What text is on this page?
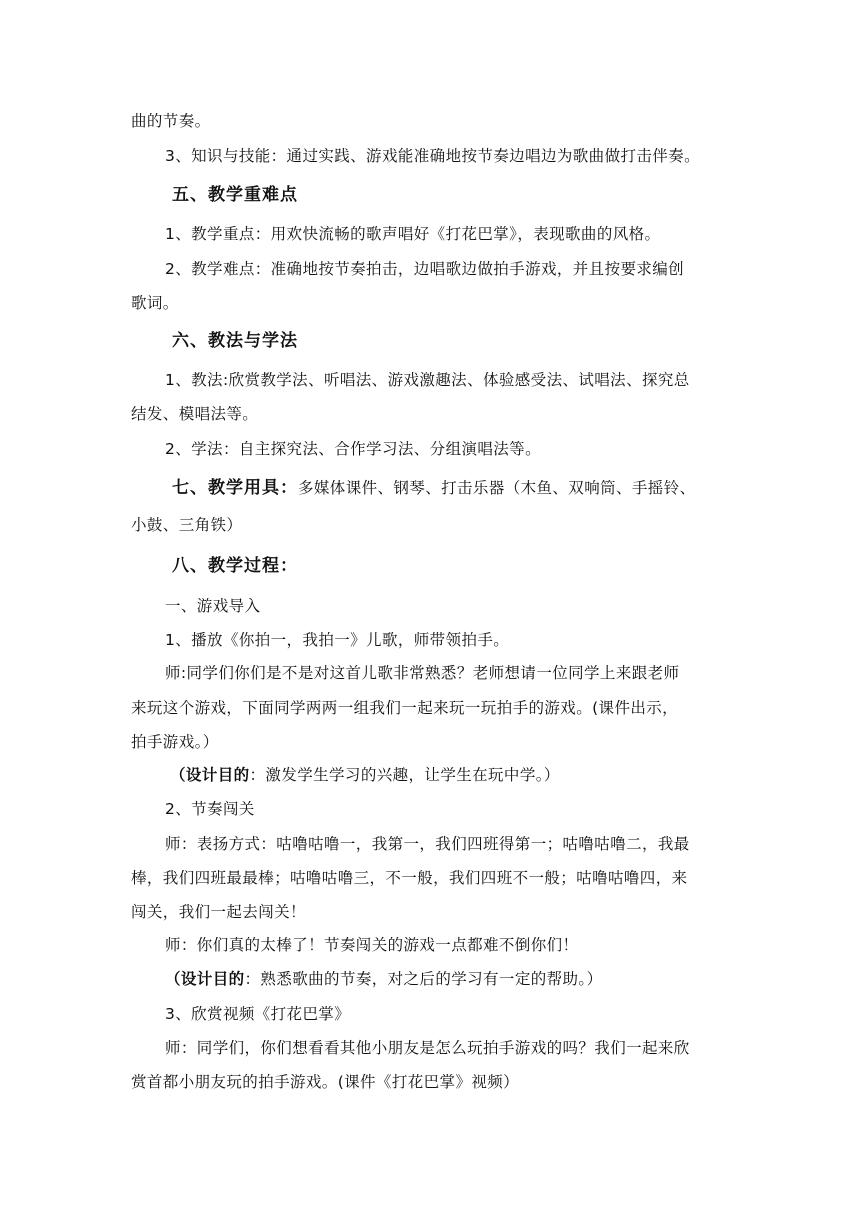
曲的节奏。
3、知识与技能：通过实践、游戏能准确地按节奏边唱边为歌曲做打击伴奏。
五、教学重难点
1、教学重点：用欢快流畅的歌声唱好《打花巴掌》，表现歌曲的风格。
2、教学难点：准确地按节奏拍击，边唱歌边做拍手游戏，并且按要求编创
歌词。
六、教法与学法
1、教法:欣赏教学法、听唱法、游戏激趣法、体验感受法、试唱法、探究总
结发、模唱法等。
2、学法：自主探究法、合作学习法、分组演唱法等。
七、教学用具：多媒体课件、钢琴、打击乐器（木鱼、双响筒、手摇铃、
小鼓、三角铁）
八、教学过程：
一、游戏导入
1、播放《你拍一，我拍一》儿歌，师带领拍手。
师:同学们你们是不是对这首儿歌非常熟悉？老师想请一位同学上来跟老师
来玩这个游戏，下面同学两两一组我们一起来玩一玩拍手的游戏。(课件出示，
拍手游戏。）
（设计目的：激发学生学习的兴趣，让学生在玩中学。）
2、节奏闯关
师：表扬方式：咕噜咕噜一，我第一，我们四班得第一；咕噜咕噜二，我最
棒，我们四班最最棒；咕噜咕噜三，不一般，我们四班不一般；咕噜咕噜四，来
闯关，我们一起去闯关！
师：你们真的太棒了！节奏闯关的游戏一点都难不倒你们！
（设计目的：熟悉歌曲的节奏，对之后的学习有一定的帮助。）
3、欣赏视频《打花巴掌》
师：同学们，你们想看看其他小朋友是怎么玩拍手游戏的吗？我们一起来欣
赏首都小朋友玩的拍手游戏。(课件《打花巴掌》视频）
